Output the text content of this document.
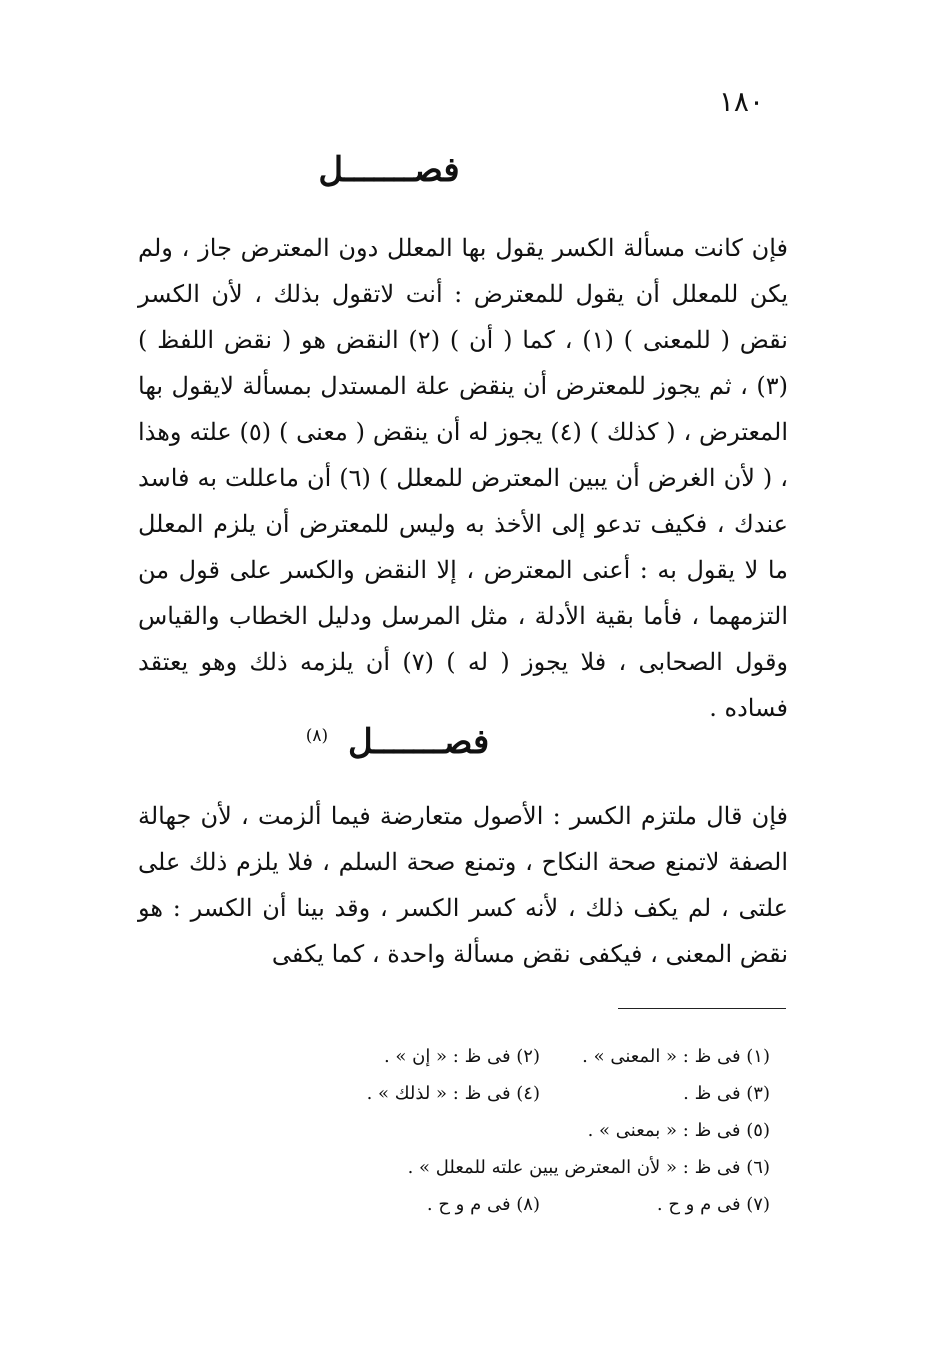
١٨٠
فصـــــــل
فإن كانت مسألة الكسر يقول بها المعلل دون المعترض جاز ، ولم يكن للمعلل أن يقول للمعترض : أنت لاتقول بذلك ، لأن الكسر نقض ( للمعنى ) (١) ، كما ( أن ) (٢) النقض هو ( نقض اللفظ ) (٣) ، ثم يجوز للمعترض أن ينقض علة المستدل بمسألة لايقول بها المعترض ، ( كذلك ) (٤) يجوز له أن ينقض ( معنى ) (٥) علته وهذا ، ( لأن الغرض أن يبين المعترض للمعلل ) (٦) أن ماعللت به فاسد عندك ، فكيف تدعو إلى الأخذ به وليس للمعترض أن يلزم المعلل ما لا يقول به : أعنى المعترض ، إلا النقض والكسر على قول من التزمهما ، فأما بقية الأدلة ، مثل المرسل ودليل الخطاب والقياس وقول الصحابى ، فلا يجوز ( له ) (٧) أن يلزمه ذلك وهو يعتقد فساده .
فصـــــــل $^{(٨)}$
فإن قال ملتزم الكسر : الأصول متعارضة فيما ألزمت ، لأن جهالة الصفة لاتمنع صحة النكاح ، وتمنع صحة السلم ، فلا يلزم ذلك على علتى ، لم يكف ذلك ، لأنه كسر الكسر ، وقد بينا أن الكسر : هو نقض المعنى ، فيكفى نقض مسألة واحدة ، كما يكفى
(١) فى ظ : « المعنى » .
(٢) فى ظ : « إن » .
(٣) فى ظ .
(٤) فى ظ : « لذلك » .
(٥) فى ظ : « بمعنى » .
(٦) فى ظ : « لأن المعترض يبين علته للمعلل » .
(٧) فى م و ح .
(٨) فى م و ح .
